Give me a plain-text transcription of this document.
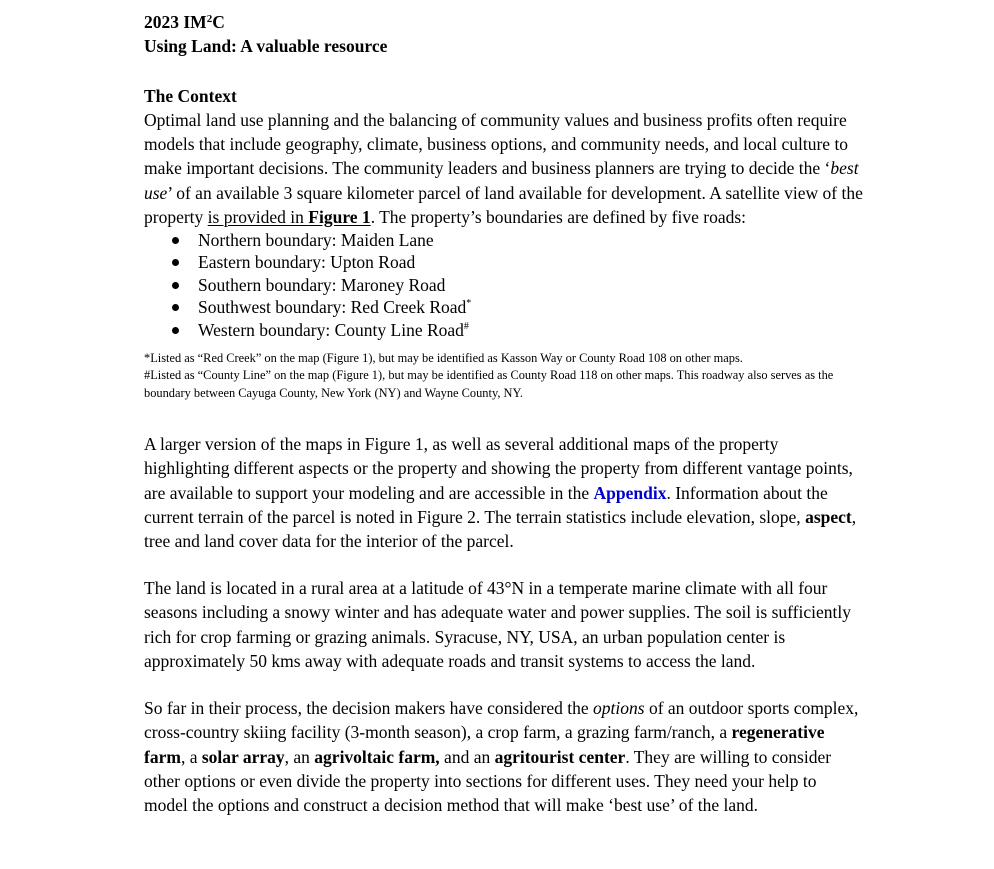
2023 $IM^2C$
Using Land: A valuable resource
The Context

Optimal land use planning and the balancing of community values and business profits often require models that include geography, climate, business options, and community needs, and local culture to make important decisions. The community leaders and business planners are trying to decide the ‘best use’ of an available 3 square kilometer parcel of land available for development. A satellite view of the property is provided in Figure 1. The property’s boundaries are defined by five roads:

Northern boundary: Maiden Lane
Eastern boundary: Upton Road
Southern boundary: Maroney Road
Southwest boundary: Red Creek Road*
Western boundary: County Line Road#

*Listed as “Red Creek” on the map (Figure 1), but may be identified as Kasson Way or County Road 108 on other maps.

#Listed as “County Line” on the map (Figure 1), but may be identified as County Road 118 on other maps. This roadway also serves as the boundary between Cayuga County, New York (NY) and Wayne County, NY.

A larger version of the maps in Figure 1, as well as several additional maps of the property highlighting different aspects or the property and showing the property from different vantage points, are available to support your modeling and are accessible in the Appendix. Information about the current terrain of the parcel is noted in Figure 2. The terrain statistics include elevation, slope, aspect, tree and land cover data for the interior of the parcel.

The land is located in a rural area at a latitude of 43°N in a temperate marine climate with all four seasons including a snowy winter and has adequate water and power supplies. The soil is sufficiently rich for crop farming or grazing animals. Syracuse, NY, USA, an urban population center is approximately 50 kms away with adequate roads and transit systems to access the land.

So far in their process, the decision makers have considered the options of an outdoor sports complex, cross-country skiing facility (3-month season), a crop farm, a grazing farm/ranch, a regenerative farm, a solar array, an agrivoltaic farm, and an agritourist center. They are willing to consider other options or even divide the property into sections for different uses. They need your help to model the options and construct a decision method that will make ‘best use’ of the land.
